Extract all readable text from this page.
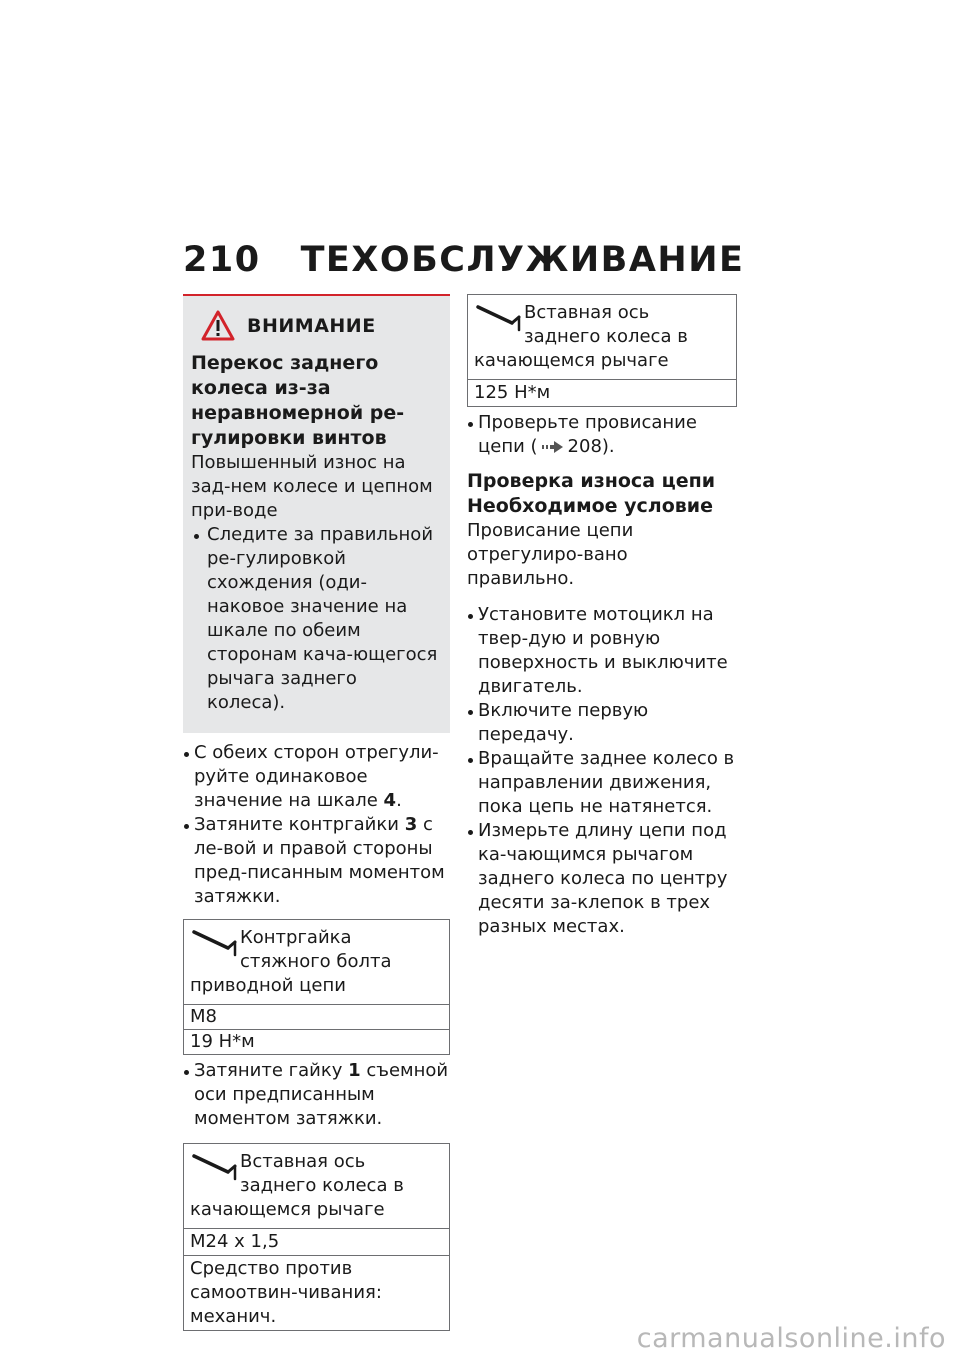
210 ТЕХОБСЛУЖИВАНИЕ
ВНИМАНИЕ
Перекос заднего колеса из-за неравномерной ре-гулировки винтов
Повышенный износ на зад-нем колесе и цепном при-воде
Следите за правильной ре-гулировкой схождения (оди-наковое значение на шкале по обеим сторонам кача-ющегося рычага заднего колеса).
С обеих сторон отрегули-руйте одинаковое значение на шкале 4.
Затяните контргайки 3 с ле-вой и правой стороны пред-писанным моментом затяжки.
Контргайка стяжного болта приводной цепи
M8
19 Н*м
Затяните гайку 1 съемной оси предписанным моментом затяжки.
Вставная ось заднего колеса в качающемся рычаге
M24 x 1,5
Средство против самоотвин-чивания: механич.
Вставная ось заднего колеса в качающемся рычаге
125 Н*м
Проверьте провисание цепи ( 208).
Проверка износа цепи
Необходимое условие
Провисание цепи отрегулиро-вано правильно.
Установите мотоцикл на твер-дую и ровную поверхность и выключите двигатель.
Включите первую передачу.
Вращайте заднее колесо в направлении движения, пока цепь не натянется.
Измерьте длину цепи под ка-чающимся рычагом заднего колеса по центру десяти за-клепок в трех разных местах.
carmanualsonline.info
